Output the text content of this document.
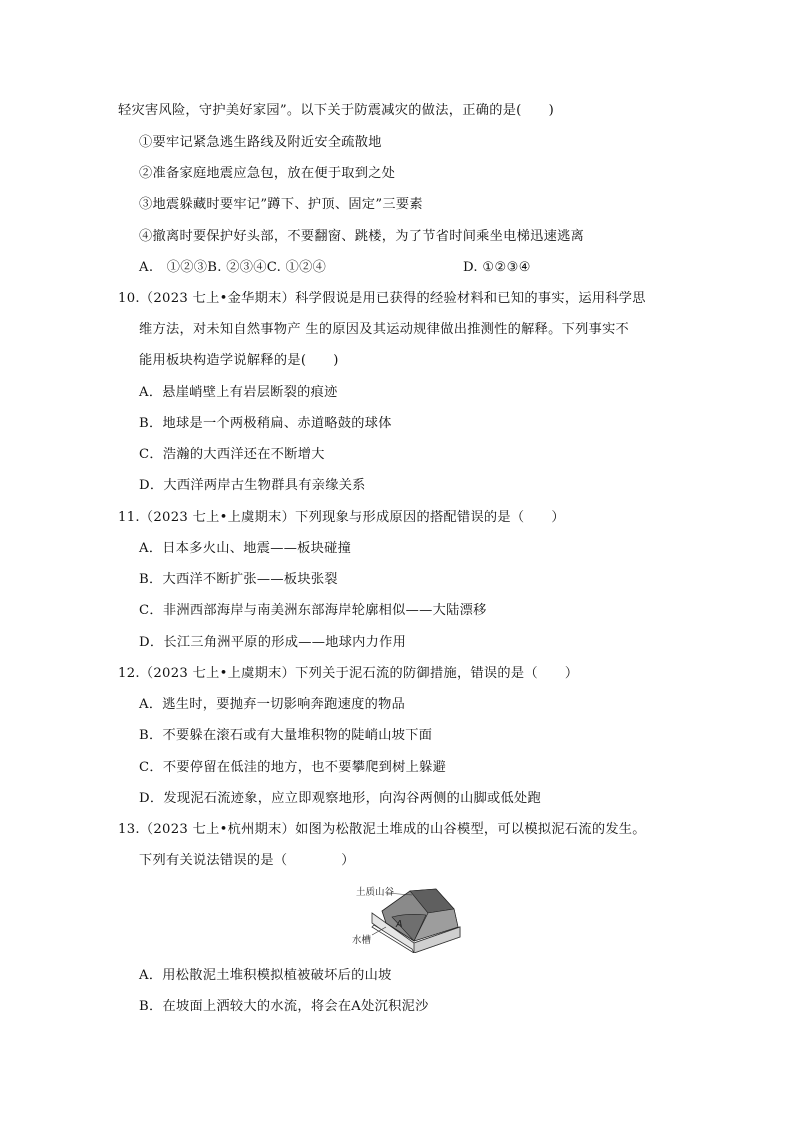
轻灾害风险，守护美好家园”。以下关于防震减灾的做法，正确的是(　　)
①要牢记紧急逃生路线及附近安全疏散地
②准备家庭地震应急包，放在便于取到之处
③地震躲藏时要牢记”蹲下、护顶、固定”三要素
④撤离时要保护好头部，不要翻窗、跳楼，为了节省时间乘坐电梯迅速逃离
A.　①②③B. ②③④C. ①②④	D. ①②③④
10.（2023 七上•金华期末）科学假说是用已获得的经验材料和已知的事实，运用科学思
维方法，对未知自然事物产 生的原因及其运动规律做出推测性的解释。下列事实不
能用板块构造学说解释的是(　　)
A．悬崖峭壁上有岩层断裂的痕迹
B．地球是一个两极稍扁、赤道略鼓的球体
C．浩瀚的大西洋还在不断增大
D．大西洋两岸古生物群具有亲缘关系
11.（2023 七上•上虞期末）下列现象与形成原因的搭配错误的是（　　）
A．日本多火山、地震——板块碰撞
B．大西洋不断扩张——板块张裂
C．非洲西部海岸与南美洲东部海岸轮廓相似——大陆漂移
D．长江三角洲平原的形成——地球内力作用
12.（2023 七上•上虞期末）下列关于泥石流的防御措施，错误的是（　　）
A．逃生时，要抛弃一切影响奔跑速度的物品
B．不要躲在滚石或有大量堆积物的陡峭山坡下面
C．不要停留在低洼的地方，也不要攀爬到树上躲避
D．发现泥石流迹象，应立即观察地形，向沟谷两侧的山脚或低处跑
13.（2023 七上•杭州期末）如图为松散泥土堆成的山谷模型，可以模拟泥石流的发生。
下列有关说法错误的是（　　　　）
土质山谷
水槽
A
A．用松散泥土堆积模拟植被破坏后的山坡
B．在坡面上洒较大的水流，将会在A处沉积泥沙
